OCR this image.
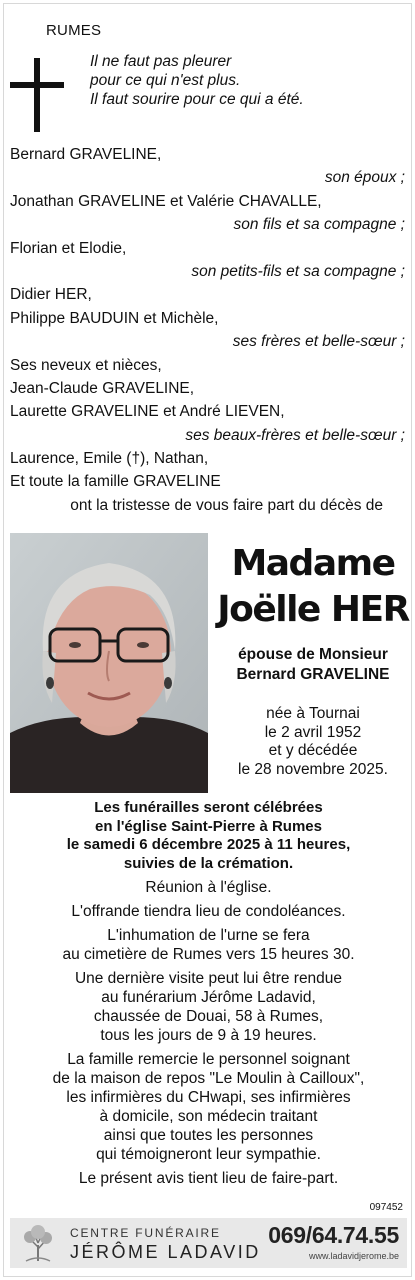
RUMES
Il ne faut pas pleurer
pour ce qui n'est plus.
Il faut sourire pour ce qui a été.
Bernard GRAVELINE,
son époux ;
Jonathan GRAVELINE et Valérie CHAVALLE,
son fils et sa compagne ;
Florian et Elodie,
son petits-fils et sa compagne ;
Didier HER,
Philippe BAUDUIN et Michèle,
ses frères et belle-sœur ;
Ses neveux et nièces,
Jean-Claude GRAVELINE,
Laurette GRAVELINE et André LIEVEN,
ses beaux-frères et belle-sœur ;
Laurence, Emile (†), Nathan,
Et toute la famille GRAVELINE
ont la tristesse de vous faire part du décès de
Madame
Joëlle HER
épouse de Monsieur
Bernard GRAVELINE
née à Tournai
le 2 avril 1952
et y décédée
le 28 novembre 2025.
Les funérailles seront célébrées
en l'église Saint-Pierre à Rumes
le samedi 6 décembre 2025 à 11 heures,
suivies de la crémation.
Réunion à l'église.
L'offrande tiendra lieu de condoléances.
L'inhumation de l'urne se fera
au cimetière de Rumes vers 15 heures 30.
Une dernière visite peut lui être rendue
au funérarium Jérôme Ladavid,
chaussée de Douai, 58 à Rumes,
tous les jours de 9 à 19 heures.
La famille remercie le personnel soignant
de la maison de repos "Le Moulin à Cailloux",
les infirmières du CHwapi, ses infirmières
à domicile, son médecin traitant
ainsi que toutes les personnes
qui témoigneront leur sympathie.
Le présent avis tient lieu de faire-part.
097452
CENTRE FUNÉRAIRE
JÉRÔME LADAVID
069/64.74.55
www.ladavidjerome.be
